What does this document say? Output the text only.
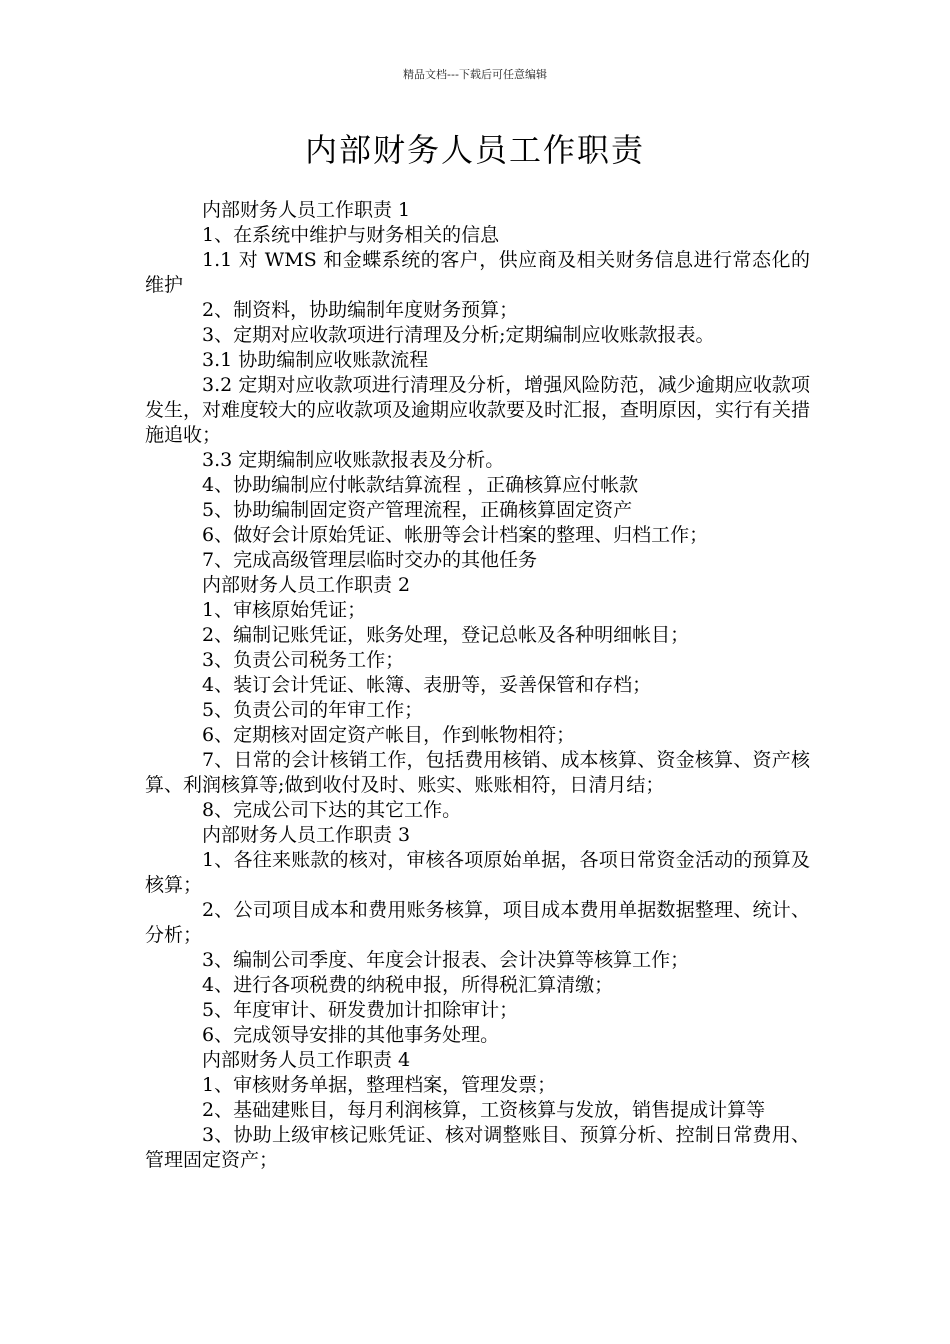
精品文档---下载后可任意编辑
内部财务人员工作职责

内部财务人员工作职责 1

1、在系统中维护与财务相关的信息

1.1 对 WMS 和金蝶系统的客户，供应商及相关财务信息进行常态化的维护

2、制资料，协助编制年度财务预算；

3、定期对应收款项进行清理及分析;定期编制应收账款报表。

3.1 协助编制应收账款流程

3.2 定期对应收款项进行清理及分析，增强风险防范，减少逾期应收款项发生，对难度较大的应收款项及逾期应收款要及时汇报，查明原因，实行有关措施追收；

3.3 定期编制应收账款报表及分析。

4、协助编制应付帐款结算流程 ，正确核算应付帐款

5、协助编制固定资产管理流程，正确核算固定资产

6、做好会计原始凭证、帐册等会计档案的整理、归档工作；

7、完成高级管理层临时交办的其他任务

内部财务人员工作职责 2

1、审核原始凭证；

2、编制记账凭证，账务处理，登记总帐及各种明细帐目；

3、负责公司税务工作；

4、装订会计凭证、帐簿、表册等，妥善保管和存档；

5、负责公司的年审工作；

6、定期核对固定资产帐目，作到帐物相符；

7、日常的会计核销工作，包括费用核销、成本核算、资金核算、资产核算、利润核算等;做到收付及时、账实、账账相符，日清月结；

8、完成公司下达的其它工作。

内部财务人员工作职责 3

1、各往来账款的核对，审核各项原始单据，各项日常资金活动的预算及核算；

2、公司项目成本和费用账务核算，项目成本费用单据数据整理、统计、分析；

3、编制公司季度、年度会计报表、会计决算等核算工作；

4、进行各项税费的纳税申报，所得税汇算清缴；

5、年度审计、研发费加计扣除审计；

6、完成领导安排的其他事务处理。

内部财务人员工作职责 4

1、审核财务单据，整理档案，管理发票；

2、基础建账目，每月利润核算，工资核算与发放，销售提成计算等

3、协助上级审核记账凭证、核对调整账目、预算分析、控制日常费用、管理固定资产；
